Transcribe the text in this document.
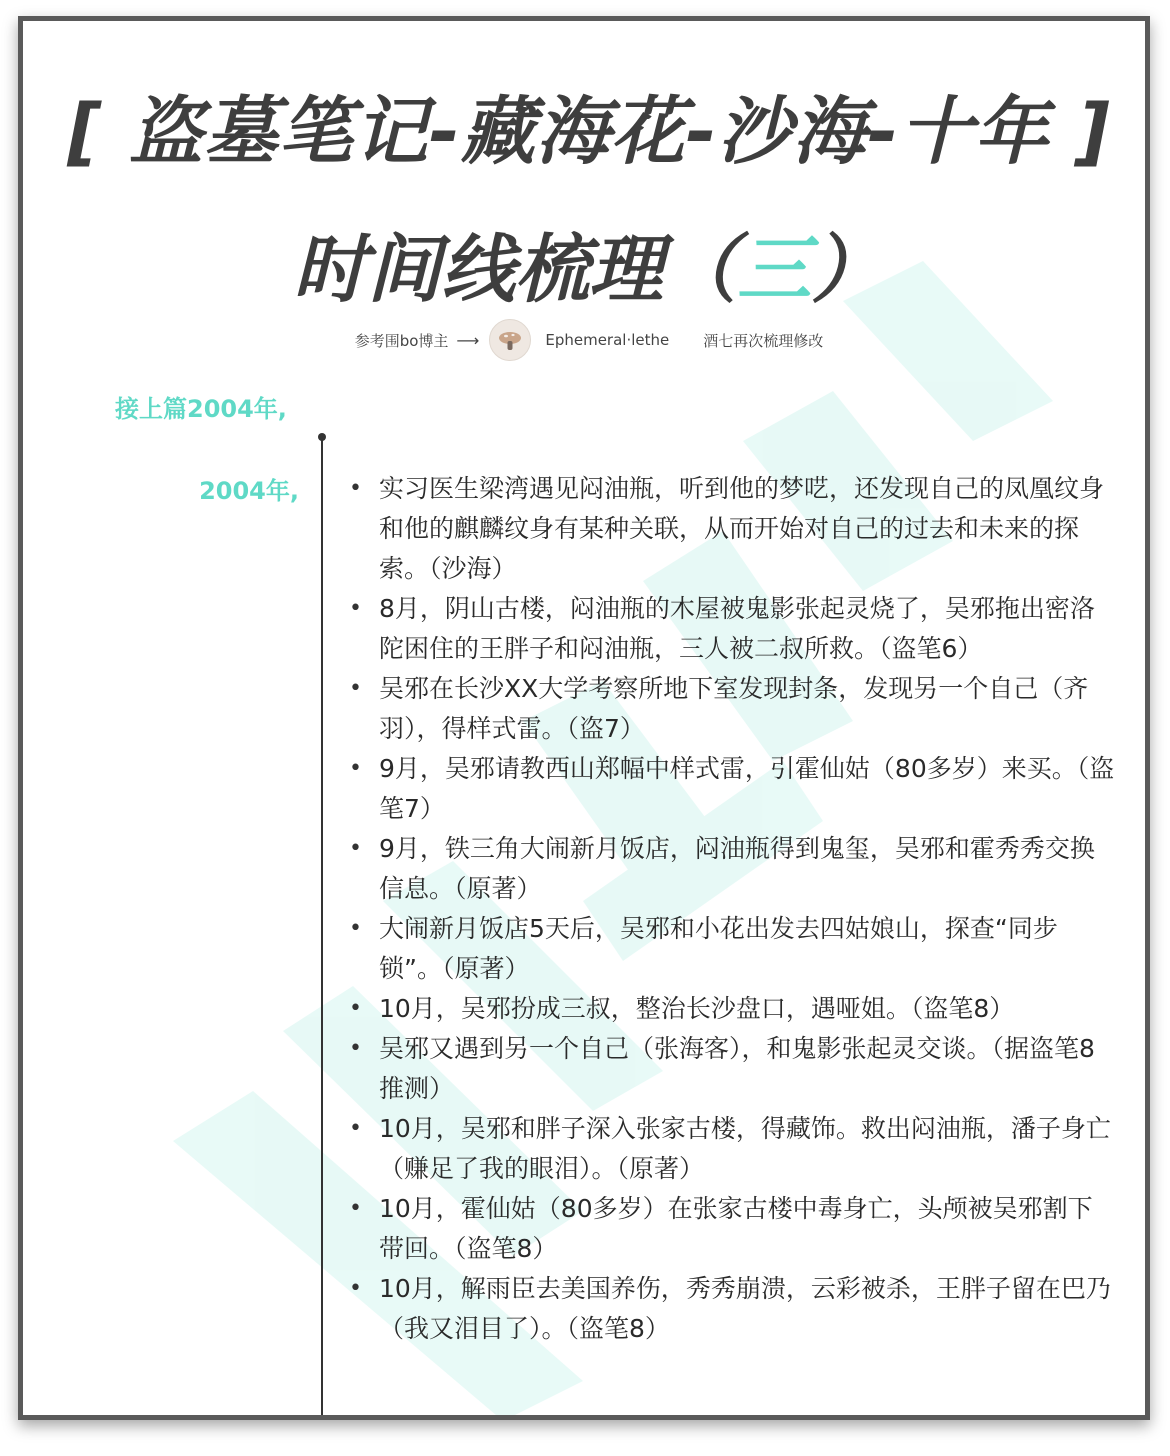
[ 盗墓笔记-藏海花-沙海-十年 ]
时间线梳理（三）
参考围bo博主 ⟶	Ephemeral·lethe 酒七再次梳理修改
接上篇2004年,
2004年,
•	实习医生梁湾遇见闷油瓶，听到他的梦呓，还发现自己的凤凰纹身和他的麒麟纹身有某种关联，从而开始对自己的过去和未来的探索。（沙海）
• 8月，阴山古楼，闷油瓶的木屋被鬼影张起灵烧了，吴邪拖出密洛陀困住的王胖子和闷油瓶，三人被二叔所救。（盗笔6）
• 吴邪在长沙XX大学考察所地下室发现封条，发现另一个自己（齐羽），得样式雷。（盗7）
• 9月，吴邪请教西山郑幅中样式雷，引霍仙姑（80多岁）来买。（盗笔7）
• 9月，铁三角大闹新月饭店，闷油瓶得到鬼玺，吴邪和霍秀秀交换信息。（原著）
• 大闹新月饭店5天后，吴邪和小花出发去四姑娘山，探查“同步锁”。（原著）
• 10月，吴邪扮成三叔，整治长沙盘口，遇哑姐。（盗笔8）
• 吴邪又遇到另一个自己（张海客），和鬼影张起灵交谈。（据盗笔8推测）
• 10月，吴邪和胖子深入张家古楼，得藏饰。救出闷油瓶，潘子身亡（赚足了我的眼泪）。（原著）
• 10月，霍仙姑（80多岁）在张家古楼中毒身亡，头颅被吴邪割下带回。（盗笔8）
• 10月，解雨臣去美国养伤，秀秀崩溃，云彩被杀，王胖子留在巴乃（我又泪目了）。（盗笔8）
